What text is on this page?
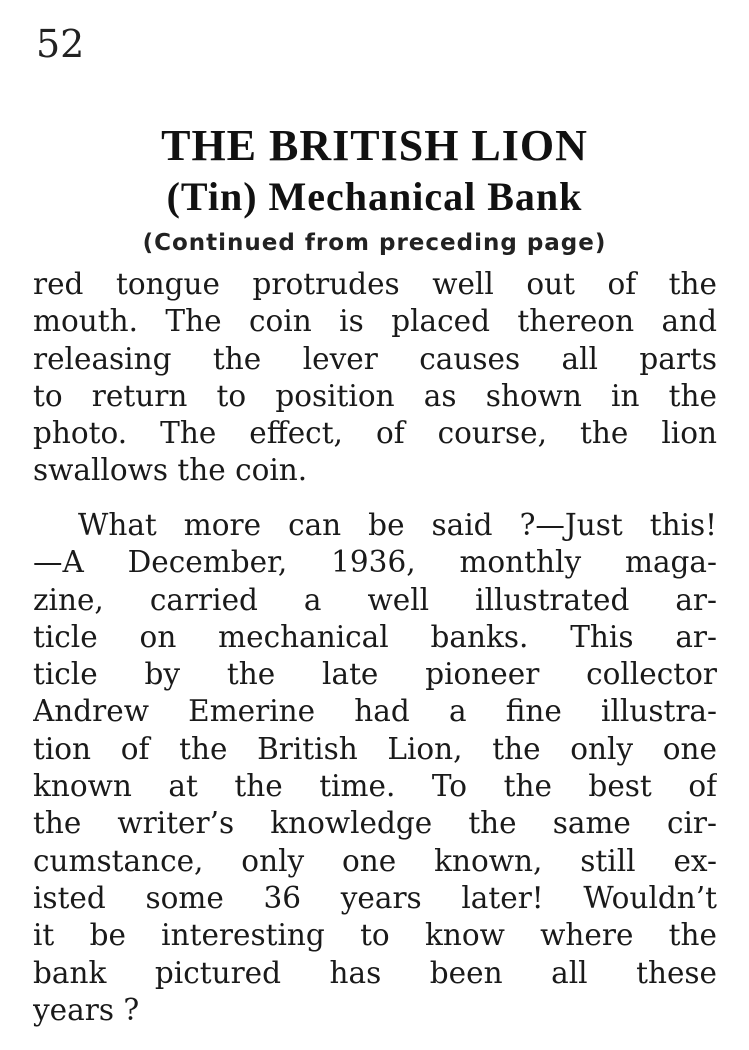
52
THE BRITISH LION
(Tin) Mechanical Bank
(Continued from preceding page)
red tongue protrudes well out of the
mouth. The coin is placed thereon and
releasing the lever causes all parts
to return to position as shown in the
photo. The effect, of course, the lion
swallows the coin.
What more can be said ?—Just this!
—A December, 1936, monthly maga-
zine, carried a well illustrated ar-
ticle on mechanical banks. This ar-
ticle by the late pioneer collector
Andrew Emerine had a fine illustra-
tion of the British Lion, the only one
known at the time. To the best of
the writer’s knowledge the same cir-
cumstance, only one known, still ex-
isted some 36 years later! Wouldn’t
it be interesting to know where the
bank pictured has been all these
years ?
